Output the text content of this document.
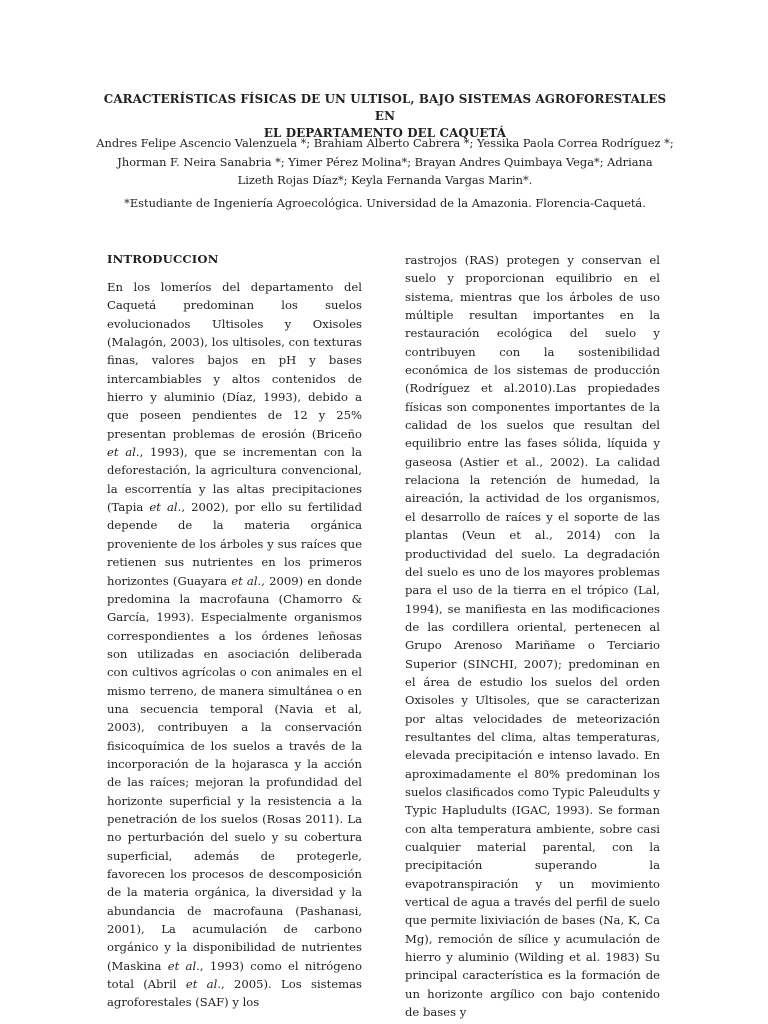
CARACTERÍSTICAS FÍSICAS DE UN ULTISOL, BAJO SISTEMAS AGROFORESTALES EN
EL DEPARTAMENTO DEL CAQUETÁ
Andres Felipe Ascencio Valenzuela *; Brahiam Alberto Cabrera *; Yessika Paola Correa Rodríguez *;
Jhorman F. Neira Sanabria *; Yimer Pérez Molina*; Brayan Andres Quimbaya Vega*; Adriana
Lizeth Rojas Díaz*; Keyla Fernanda Vargas Marin*.
*Estudiante de Ingeniería Agroecológica. Universidad de la Amazonia. Florencia-Caquetá.
INTRODUCCION

En los lomeríos del departamento del Caquetá predominan los suelos evolucionados Ultisoles y Oxisoles (Malagón, 2003), los ultisoles, con texturas finas, valores bajos en pH y bases intercambiables y altos contenidos de hierro y aluminio (Díaz, 1993), debido a que poseen pendientes de 12 y 25% presentan problemas de erosión (Briceño et al., 1993), que se incrementan con la deforestación, la agricultura convencional, la escorrentía y las altas precipitaciones (Tapia et al., 2002), por ello su fertilidad depende de la materia orgánica proveniente de los árboles y sus raíces que retienen sus nutrientes en los primeros horizontes (Guayara et al., 2009) en donde predomina la macrofauna (Chamorro & García, 1993). Especialmente organismos correspondientes a los órdenes leñosas son utilizadas en asociación deliberada con cultivos agrícolas o con animales en el mismo terreno, de manera simultánea o en una secuencia temporal (Navia et al, 2003), contribuyen a la conservación fisicoquímica de los suelos a través de la incorporación de la hojarasca y la acción de las raíces; mejoran la profundidad del horizonte superficial y la resistencia a la penetración de los suelos (Rosas 2011). La no perturbación del suelo y su cobertura superficial, además de protegerle, favorecen los procesos de descomposición de la materia orgánica, la diversidad y la abundancia de macrofauna (Pashanasi, 2001), La acumulación de carbono orgánico y la disponibilidad de nutrientes (Maskina et al., 1993) como el nitrógeno total (Abril et al., 2005). Los sistemas agroforestales (SAF) y los

rastrojos (RAS) protegen y conservan el suelo y proporcionan equilibrio en el sistema, mientras que los árboles de uso múltiple resultan importantes en la restauración ecológica del suelo y contribuyen con la sostenibilidad económica de los sistemas de producción (Rodríguez et al.2010).Las propiedades físicas son componentes importantes de la calidad de los suelos que resultan del equilibrio entre las fases sólida, líquida y gaseosa (Astier et al., 2002). La calidad relaciona la retención de humedad, la aireación, la actividad de los organismos, el desarrollo de raíces y el soporte de las plantas (Veun et al., 2014) con la productividad del suelo. La degradación del suelo es uno de los mayores problemas para el uso de la tierra en el trópico (Lal, 1994), se manifiesta en las modificaciones de las cordillera oriental, pertenecen al Grupo Arenoso Mariñame o Terciario Superior (SINCHI, 2007); predominan en el área de estudio los suelos del orden Oxisoles y Ultisoles, que se caracterizan por altas velocidades de meteorización resultantes del clima, altas temperaturas, elevada precipitación e intenso lavado. En aproximadamente el 80% predominan los suelos clasificados como Typic Paleudults y Typic Hapludults (IGAC, 1993). Se forman con alta temperatura ambiente, sobre casi cualquier material parental, con la precipitación superando la evapotranspiración y un movimiento vertical de agua a través del perfil de suelo que permite lixiviación de bases (Na, K, Ca Mg), remoción de sílice y acumulación de hierro y aluminio (Wilding et al. 1983) Su principal característica es la formación de un horizonte argílico con bajo contenido de bases y
